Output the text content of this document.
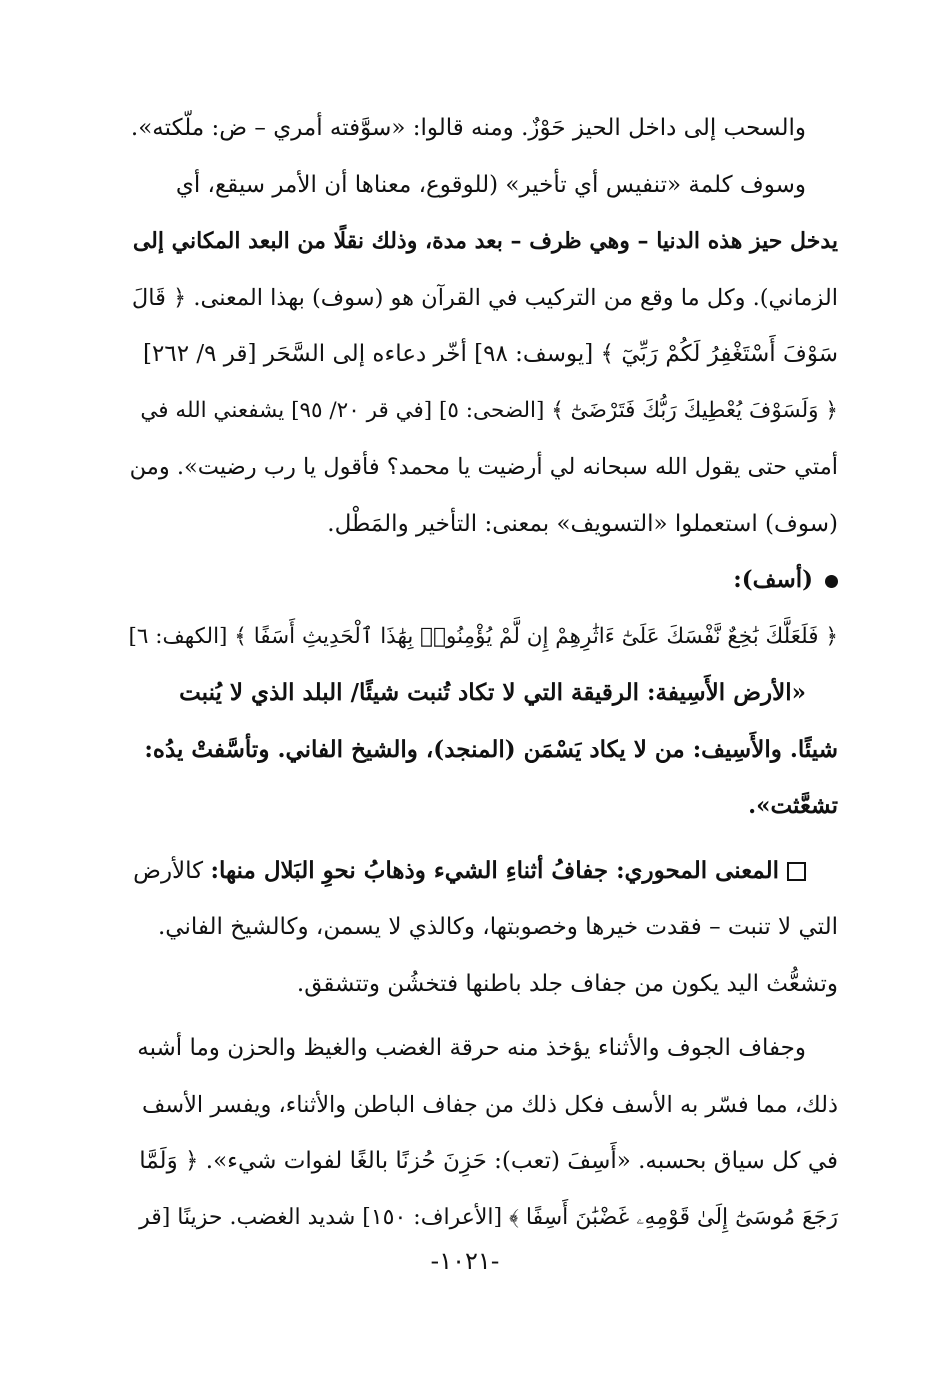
والسحب إلى داخل الحيز حَوْزٌ. ومنه قالوا: «سوَّفته أمري – ض: ملّكته».
وسوف كلمة «تنفيس أي تأخير» (للوقوع، معناها أن الأمر سيقع، أي
يدخل حيز هذه الدنيا – وهي ظرف – بعد مدة، وذلك نقلًا من البعد المكاني إلى
الزماني). وكل ما وقع من التركيب في القرآن هو (سوف) بهذا المعنى. ﴿ قَالَ
سَوْفَ أَسْتَغْفِرُ لَكُمْ رَبِّيٓ ﴾ [يوسف: ٩٨] أخّر دعاءه إلى السَّحَر [قر ٩/ ٢٦٢]
﴿ وَلَسَوْفَ يُعْطِيكَ رَبُّكَ فَتَرْضَىٰٓ ﴾ [الضحى: ٥] [في قر ٢٠/ ٩٥] يشفعني الله في
أمتي حتى يقول الله سبحانه لي أرضيت يا محمد؟ فأقول يا رب رضيت». ومن
(سوف) استعملوا «التسويف» بمعنى: التأخير والمَطْل.
(أسف):
﴿ فَلَعَلَّكَ بَٰخِعٌ نَّفْسَكَ عَلَىٰٓ ءَاثَٰرِهِمْ إِن لَّمْ يُؤْمِنُوا۟ بِهَٰذَا ٱلْحَدِيثِ أَسَفًا ﴾ [الكهف: ٦]
«الأرض الأَسِيفة: الرقيقة التي لا تكاد تُنبت شيئًا/ البلد الذي لا يُنبت
شيئًا. والأَسِيف: من لا يكاد يَسْمَن (المنجد)، والشيخ الفاني. وتأسَّفتْ يدُه:
تشعَّثت».
المعنى المحوري: جفافُ أثناءِ الشيء وذهابُ نحوِ البَلال منها: كالأرض
التي لا تنبت – فقدت خيرها وخصوبتها، وكالذي لا يسمن، وكالشيخ الفاني.
وتشعُّث اليد يكون من جفاف جلد باطنها فتخشُن وتتشقق.
وجفاف الجوف والأثناء يؤخذ منه حرقة الغضب والغيظ والحزن وما أشبه
ذلك، مما فسّر به الأسف فكل ذلك من جفاف الباطن والأثناء، ويفسر الأسف
في كل سياق بحسبه. «أَسِفَ (تعب): حَزِنَ حُزنًا بالغًا لفوات شيء». ﴿ وَلَمَّا
رَجَعَ مُوسَىٰٓ إِلَىٰ قَوْمِهِۦ غَضْبَٰنَ أَسِفًا ﴾ [الأعراف: ١٥٠] شديد الغضب. حزينًا [قر
-١٠٢١-
